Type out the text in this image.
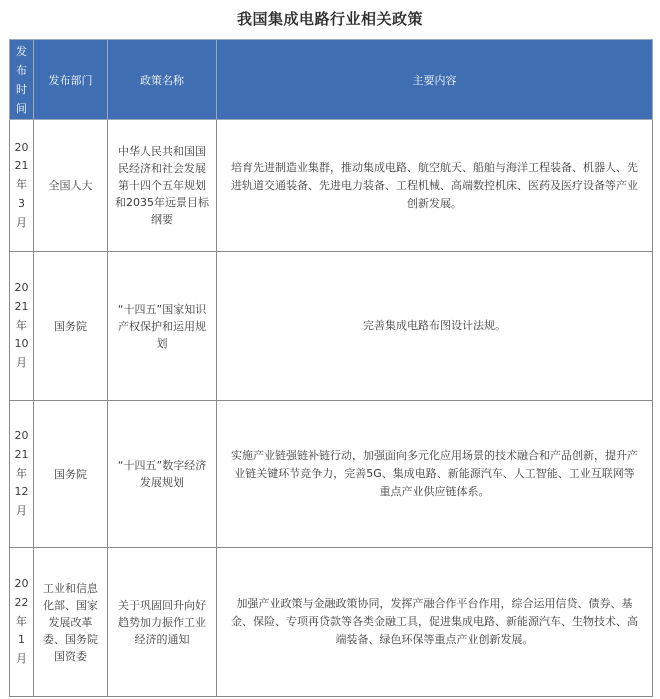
我国集成电路行业相关政策
发布时间	发布部门	政策名称	主要内容
2021年3月	全国人大	中华人民共和国国民经济和社会发展第十四个五年规划和2035年远景目标纲要	培育先进制造业集群，推动集成电路、航空航天、船舶与海洋工程装备、机器人、先进轨道交通装备、先进电力装备、工程机械、高端数控机床、医药及医疗设备等产业创新发展。
2021年10月	国务院	“十四五”国家知识产权保护和运用规划	完善集成电路布图设计法规。
2021年12月	国务院	“十四五”数字经济发展规划	实施产业链强链补链行动，加强面向多元化应用场景的技术融合和产品创新，提升产业链关键环节竞争力，完善5G、集成电路、新能源汽车、人工智能、工业互联网等重点产业供应链体系。
2022年1月	工业和信息化部、国家发展改革委、国务院国资委	关于巩固回升向好趋势加力振作工业经济的通知	加强产业政策与金融政策协同，发挥产融合作平台作用，综合运用信贷、债券、基金、保险、专项再贷款等各类金融工具，促进集成电路、新能源汽车、生物技术、高端装备、绿色环保等重点产业创新发展。
